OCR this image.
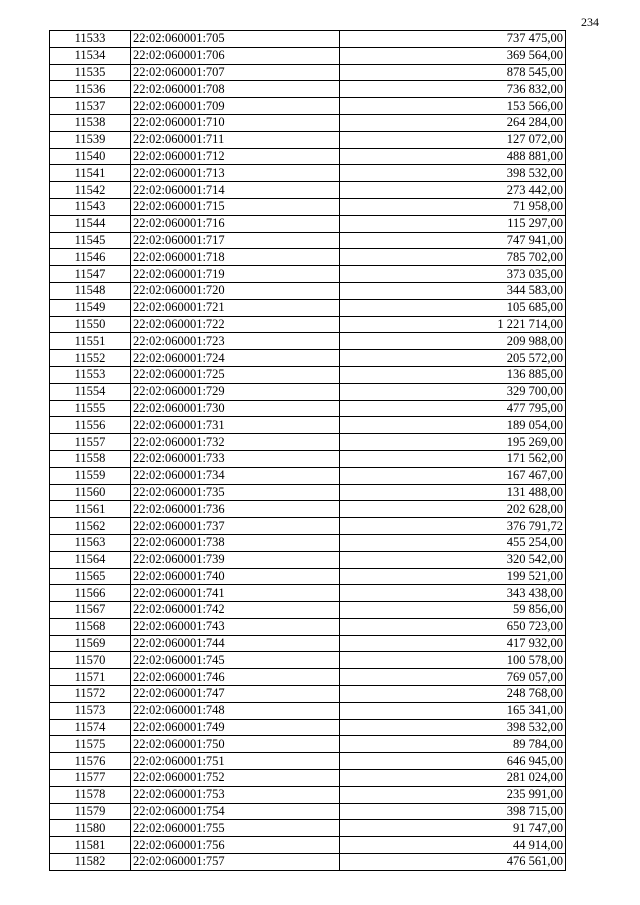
234
11533	22:02:060001:705	737 475,00
11534	22:02:060001:706	369 564,00
11535	22:02:060001:707	878 545,00
11536	22:02:060001:708	736 832,00
11537	22:02:060001:709	153 566,00
11538	22:02:060001:710	264 284,00
11539	22:02:060001:711	127 072,00
11540	22:02:060001:712	488 881,00
11541	22:02:060001:713	398 532,00
11542	22:02:060001:714	273 442,00
11543	22:02:060001:715	71 958,00
11544	22:02:060001:716	115 297,00
11545	22:02:060001:717	747 941,00
11546	22:02:060001:718	785 702,00
11547	22:02:060001:719	373 035,00
11548	22:02:060001:720	344 583,00
11549	22:02:060001:721	105 685,00
11550	22:02:060001:722	1 221 714,00
11551	22:02:060001:723	209 988,00
11552	22:02:060001:724	205 572,00
11553	22:02:060001:725	136 885,00
11554	22:02:060001:729	329 700,00
11555	22:02:060001:730	477 795,00
11556	22:02:060001:731	189 054,00
11557	22:02:060001:732	195 269,00
11558	22:02:060001:733	171 562,00
11559	22:02:060001:734	167 467,00
11560	22:02:060001:735	131 488,00
11561	22:02:060001:736	202 628,00
11562	22:02:060001:737	376 791,72
11563	22:02:060001:738	455 254,00
11564	22:02:060001:739	320 542,00
11565	22:02:060001:740	199 521,00
11566	22:02:060001:741	343 438,00
11567	22:02:060001:742	59 856,00
11568	22:02:060001:743	650 723,00
11569	22:02:060001:744	417 932,00
11570	22:02:060001:745	100 578,00
11571	22:02:060001:746	769 057,00
11572	22:02:060001:747	248 768,00
11573	22:02:060001:748	165 341,00
11574	22:02:060001:749	398 532,00
11575	22:02:060001:750	89 784,00
11576	22:02:060001:751	646 945,00
11577	22:02:060001:752	281 024,00
11578	22:02:060001:753	235 991,00
11579	22:02:060001:754	398 715,00
11580	22:02:060001:755	91 747,00
11581	22:02:060001:756	44 914,00
11582	22:02:060001:757	476 561,00
